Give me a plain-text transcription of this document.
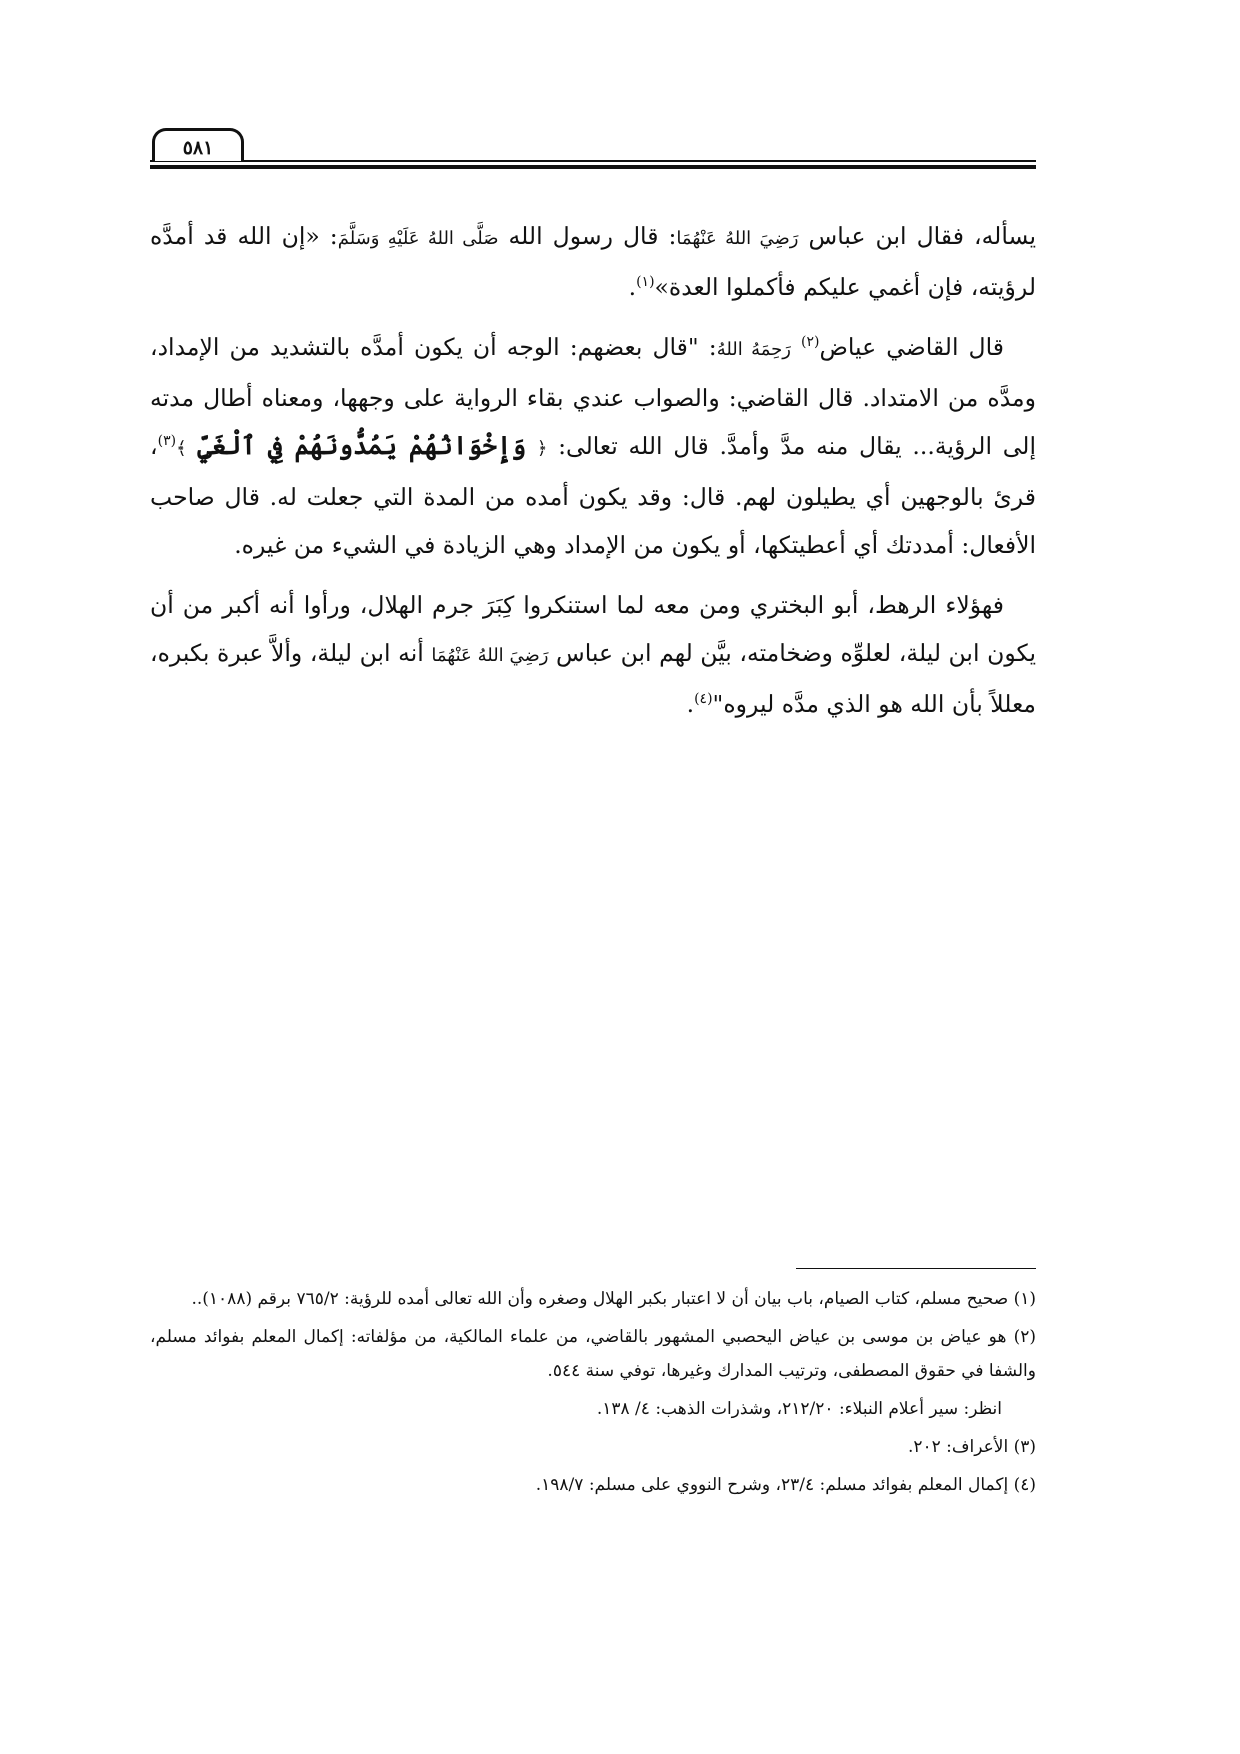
٥٨١

يسأله، فقال ابن عباس رَضِيَ اللهُ عَنْهُمَا: قال رسول الله صَلَّى اللهُ عَلَيْهِ وَسَلَّمَ: «إن الله قد أمدَّه لرؤيته، فإن أغمي عليكم فأكملوا العدة»$^{(١)}$.

قال القاضي عياض$^{(٢)}$ رَحِمَهُ اللهُ: "قال بعضهم: الوجه أن يكون أمدَّه بالتشديد من الإمداد، ومدَّه من الامتداد. قال القاضي: والصواب عندي بقاء الرواية على وجهها، ومعناه أطال مدته إلى الرؤية... يقال منه مدَّ وأمدَّ. قال الله تعالى: ﴿ وَإِخْوَانُهُمْ يَمُدُّونَهُمْ فِي ٱلْغَيِّ ﴾$^{(٣)}$، قرئ بالوجهين أي يطيلون لهم. قال: وقد يكون أمده من المدة التي جعلت له. قال صاحب الأفعال: أمددتك أي أعطيتكها، أو يكون من الإمداد وهي الزيادة في الشيء من غيره.

فهؤلاء الرهط، أبو البختري ومن معه لما استنكروا كِبَرَ جرم الهلال، ورأوا أنه أكبر من أن يكون ابن ليلة، لعلوِّه وضخامته، بيَّن لهم ابن عباس رَضِيَ اللهُ عَنْهُمَا أنه ابن ليلة، وألاَّ عبرة بكبره، معللاً بأن الله هو الذي مدَّه ليروه"$^{(٤)}$.

(١) صحيح مسلم، كتاب الصيام، باب بيان أن لا اعتبار بكبر الهلال وصغره وأن الله تعالى أمده للرؤية: ٧٦٥/٢ برقم (١٠٨٨)..

(٢) هو عياض بن موسى بن عياض اليحصبي المشهور بالقاضي، من علماء المالكية، من مؤلفاته: إكمال المعلم بفوائد مسلم، والشفا في حقوق المصطفى، وترتيب المدارك وغيرها، توفي سنة ٥٤٤.

انظر: سير أعلام النبلاء: ٢١٢/٢٠، وشذرات الذهب: ٤/ ١٣٨.

(٣) الأعراف: ٢٠٢.

(٤) إكمال المعلم بفوائد مسلم: ٢٣/٤، وشرح النووي على مسلم: ١٩٨/٧.
